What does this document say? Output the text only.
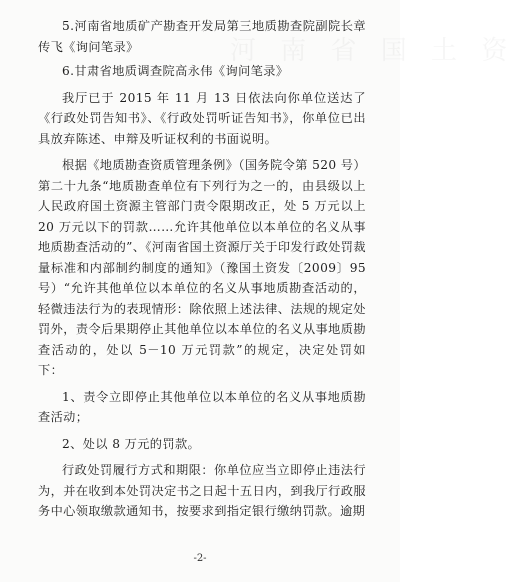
河 南 省 国 土 资

5.河南省地质矿产勘查开发局第三地质勘查院副院长章传飞《询问笔录》

6.甘肃省地质调查院高永伟《询问笔录》

我厅已于 2015 年 11 月 13 日依法向你单位送达了《行政处罚告知书》、《行政处罚听证告知书》，你单位已出具放弃陈述、申辩及听证权利的书面说明。

根据《地质勘查资质管理条例》（国务院令第 520 号）第二十九条“地质勘查单位有下列行为之一的，由县级以上人民政府国土资源主管部门责令限期改正，处 5 万元以上 20 万元以下的罚款……允许其他单位以本单位的名义从事地质勘查活动的”、《河南省国土资源厅关于印发行政处罚裁量标准和内部制约制度的通知》（豫国土资发〔2009〕95 号）“允许其他单位以本单位的名义从事地质勘查活动的，轻微违法行为的表现情形：除依照上述法律、法规的规定处罚外，责令后果期停止其他单位以本单位的名义从事地质勘查活动的，处以 5－10 万元罚款”的规定，决定处罚如下：

1、责令立即停止其他单位以本单位的名义从事地质勘查活动；

2、处以 8 万元的罚款。

行政处罚履行方式和期限：你单位应当立即停止违法行为，并在收到本处罚决定书之日起十五日内，到我厅行政服务中心领取缴款通知书，按要求到指定银行缴纳罚款。逾期

-2-
